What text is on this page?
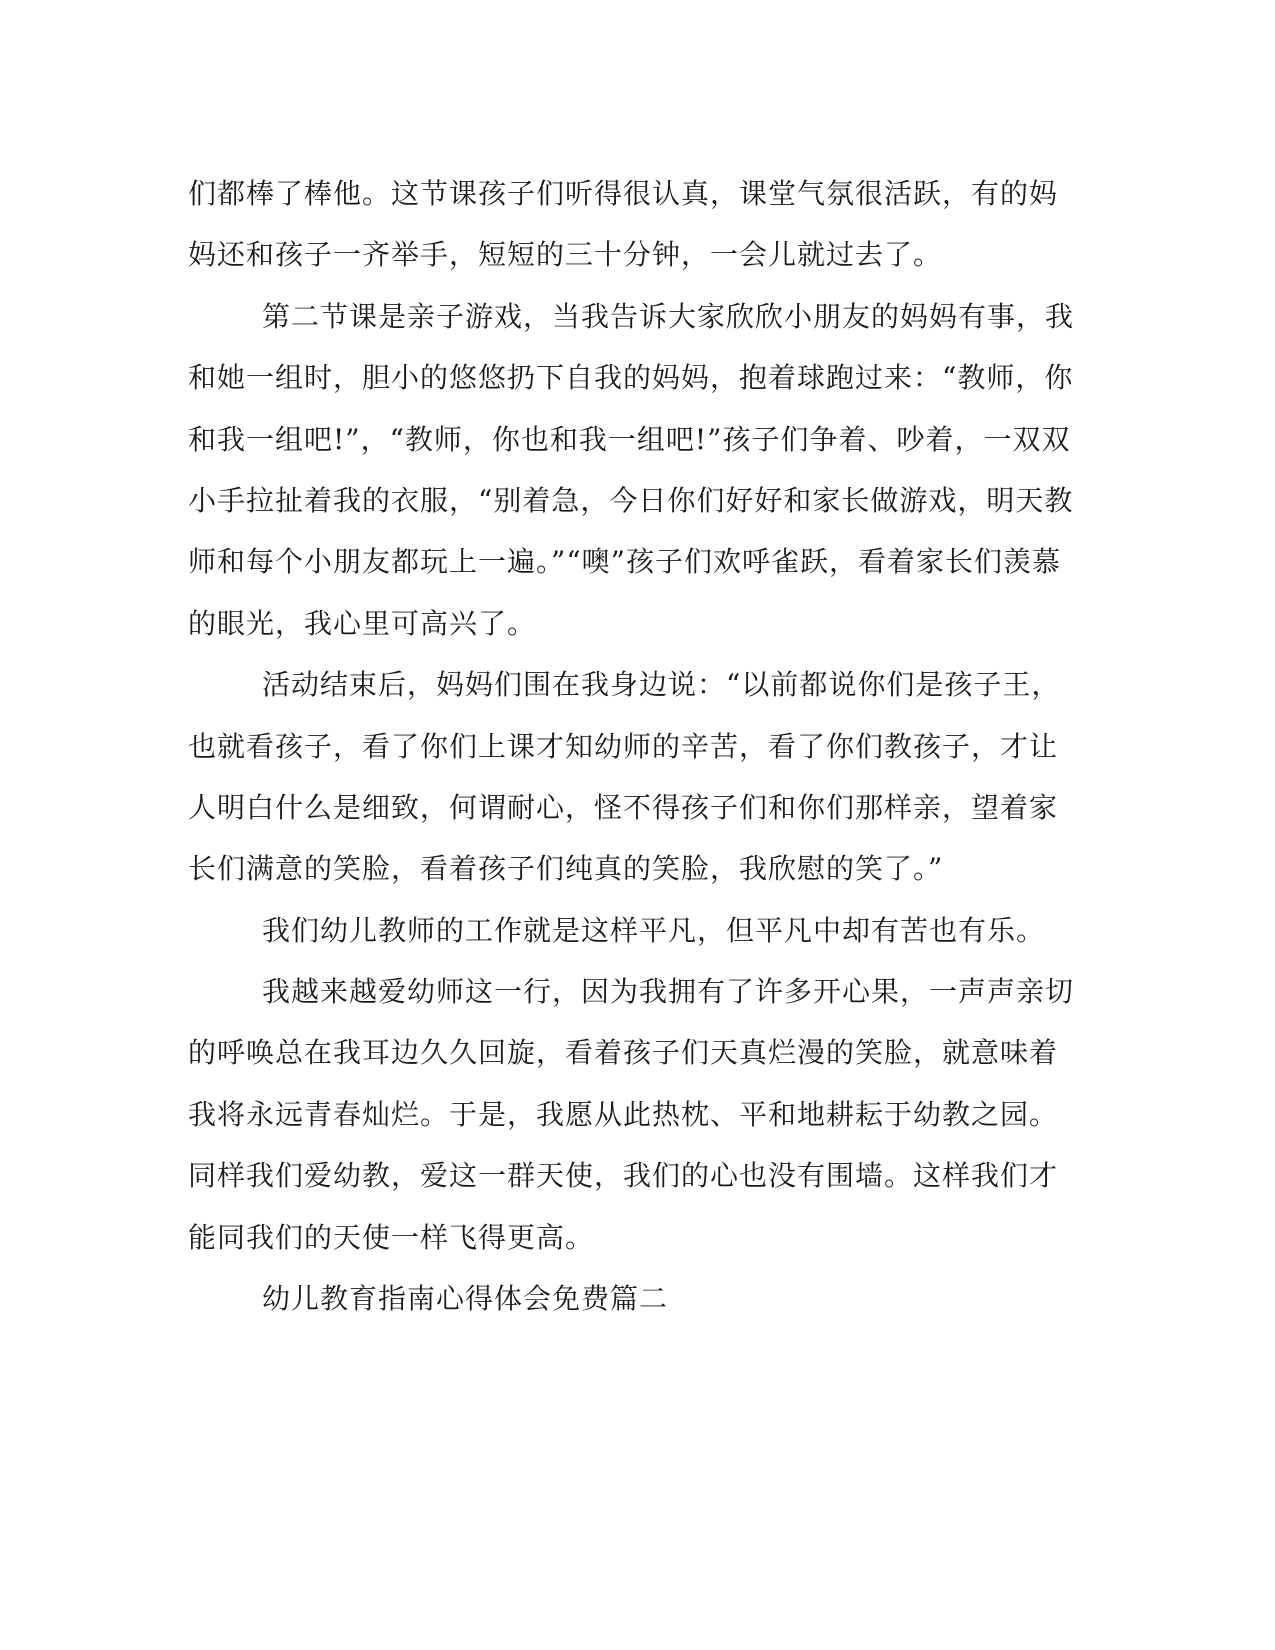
们都棒了棒他。这节课孩子们听得很认真，课堂气氛很活跃，有的妈
妈还和孩子一齐举手，短短的三十分钟，一会儿就过去了。
第二节课是亲子游戏，当我告诉大家欣欣小朋友的妈妈有事，我
和她一组时，胆小的悠悠扔下自我的妈妈，抱着球跑过来：“教师，你
和我一组吧!”，“教师，你也和我一组吧!”孩子们争着、吵着，一双双
小手拉扯着我的衣服，“别着急，今日你们好好和家长做游戏，明天教
师和每个小朋友都玩上一遍。”“噢”孩子们欢呼雀跃，看着家长们羡慕
的眼光，我心里可高兴了。
活动结束后，妈妈们围在我身边说：“以前都说你们是孩子王，
也就看孩子，看了你们上课才知幼师的辛苦，看了你们教孩子，才让
人明白什么是细致，何谓耐心，怪不得孩子们和你们那样亲，望着家
长们满意的笑脸，看着孩子们纯真的笑脸，我欣慰的笑了。”
我们幼儿教师的工作就是这样平凡，但平凡中却有苦也有乐。
我越来越爱幼师这一行，因为我拥有了许多开心果，一声声亲切
的呼唤总在我耳边久久回旋，看着孩子们天真烂漫的笑脸，就意味着
我将永远青春灿烂。于是，我愿从此热枕、平和地耕耘于幼教之园。
同样我们爱幼教，爱这一群天使，我们的心也没有围墙。这样我们才
能同我们的天使一样飞得更高。
幼儿教育指南心得体会免费篇二
